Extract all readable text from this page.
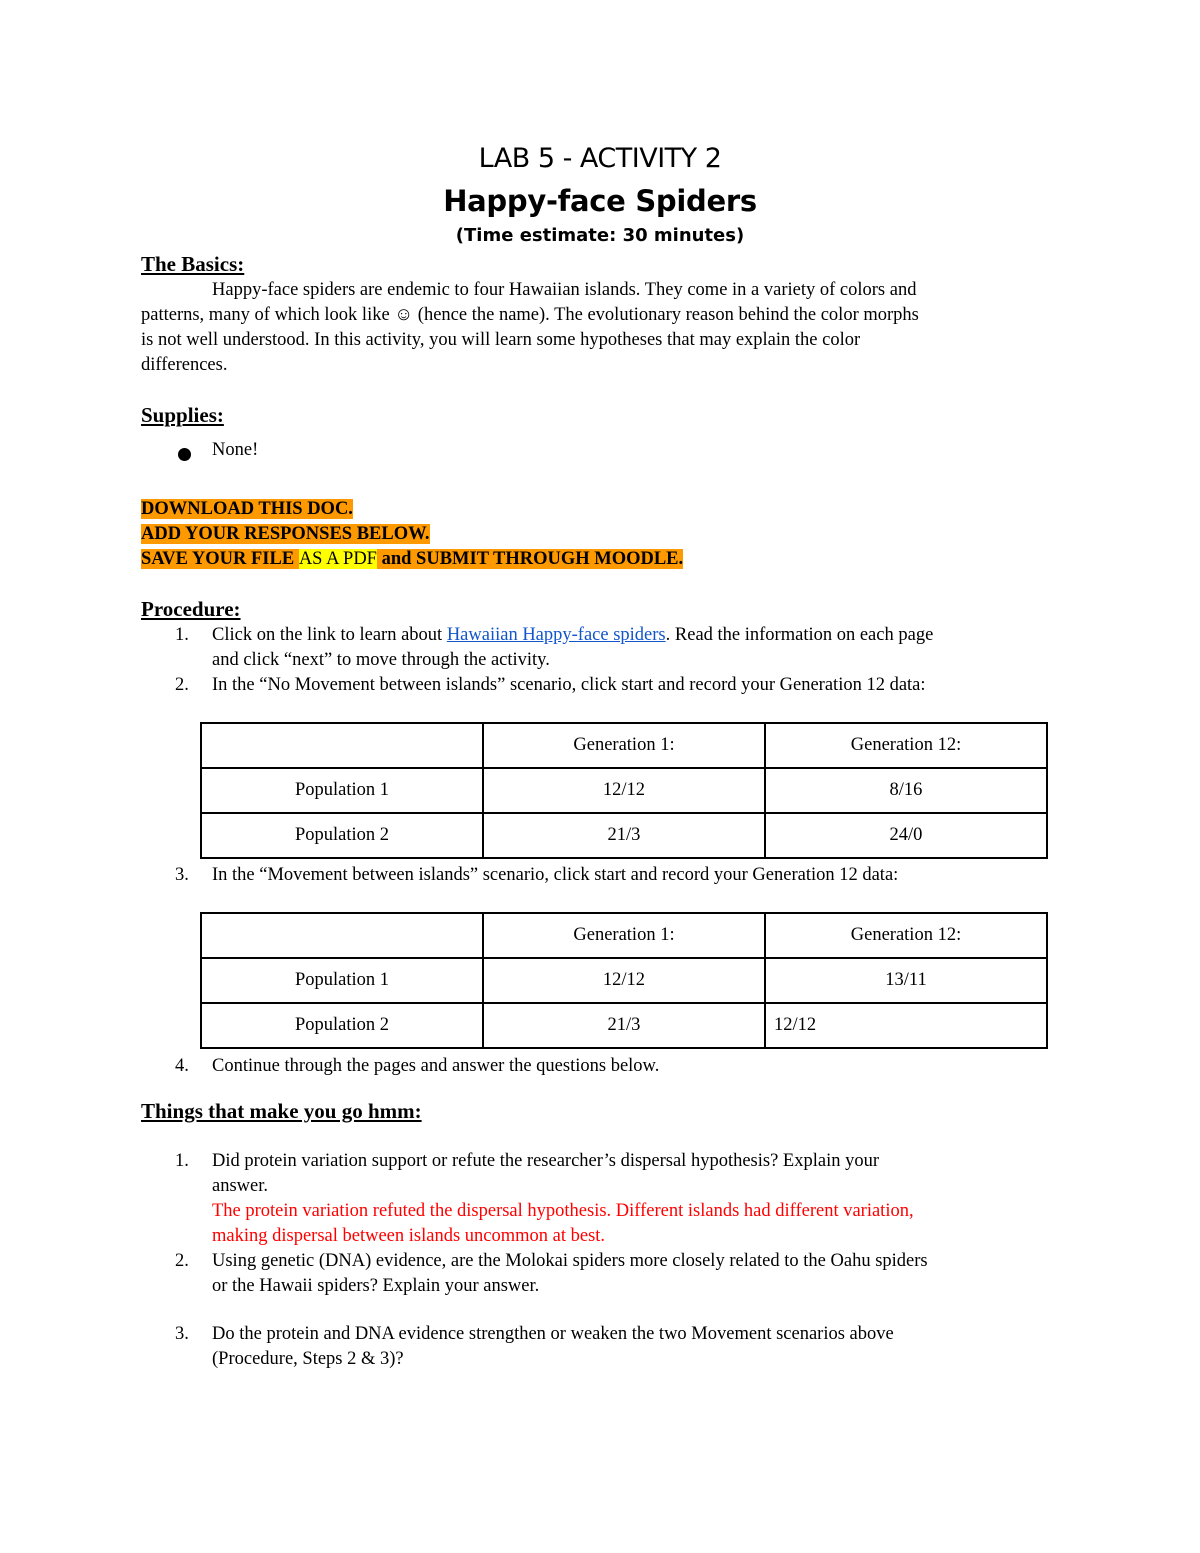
LAB 5 - ACTIVITY 2
Happy-face Spiders
(Time estimate: 30 minutes)
The Basics:
Happy-face spiders are endemic to four Hawaiian islands. They come in a variety of colors and
patterns, many of which look like ☺ (hence the name). The evolutionary reason behind the color morphs
is not well understood. In this activity, you will learn some hypotheses that may explain the color
differences.
Supplies:
None!
DOWNLOAD THIS DOC.
ADD YOUR RESPONSES BELOW.
SAVE YOUR FILE AS A PDF and SUBMIT THROUGH MOODLE.
Procedure:
1. Click on the link to learn about Hawaiian Happy-face spiders. Read the information on each page
and click “next” to move through the activity.
2. In the “No Movement between islands” scenario, click start and record your Generation 12 data:
	Generation 1:	Generation 12:
Population 1	12/12	8/16
Population 2	21/3	24/0
3. In the “Movement between islands” scenario, click start and record your Generation 12 data:
	Generation 1:	Generation 12:
Population 1	12/12	13/11
Population 2	21/3	12/12
4. Continue through the pages and answer the questions below.
Things that make you go hmm:
1. Did protein variation support or refute the researcher’s dispersal hypothesis? Explain your
answer.
The protein variation refuted the dispersal hypothesis. Different islands had different variation,
making dispersal between islands uncommon at best.
2. Using genetic (DNA) evidence, are the Molokai spiders more closely related to the Oahu spiders
or the Hawaii spiders? Explain your answer.
3. Do the protein and DNA evidence strengthen or weaken the two Movement scenarios above
(Procedure, Steps 2 & 3)?
